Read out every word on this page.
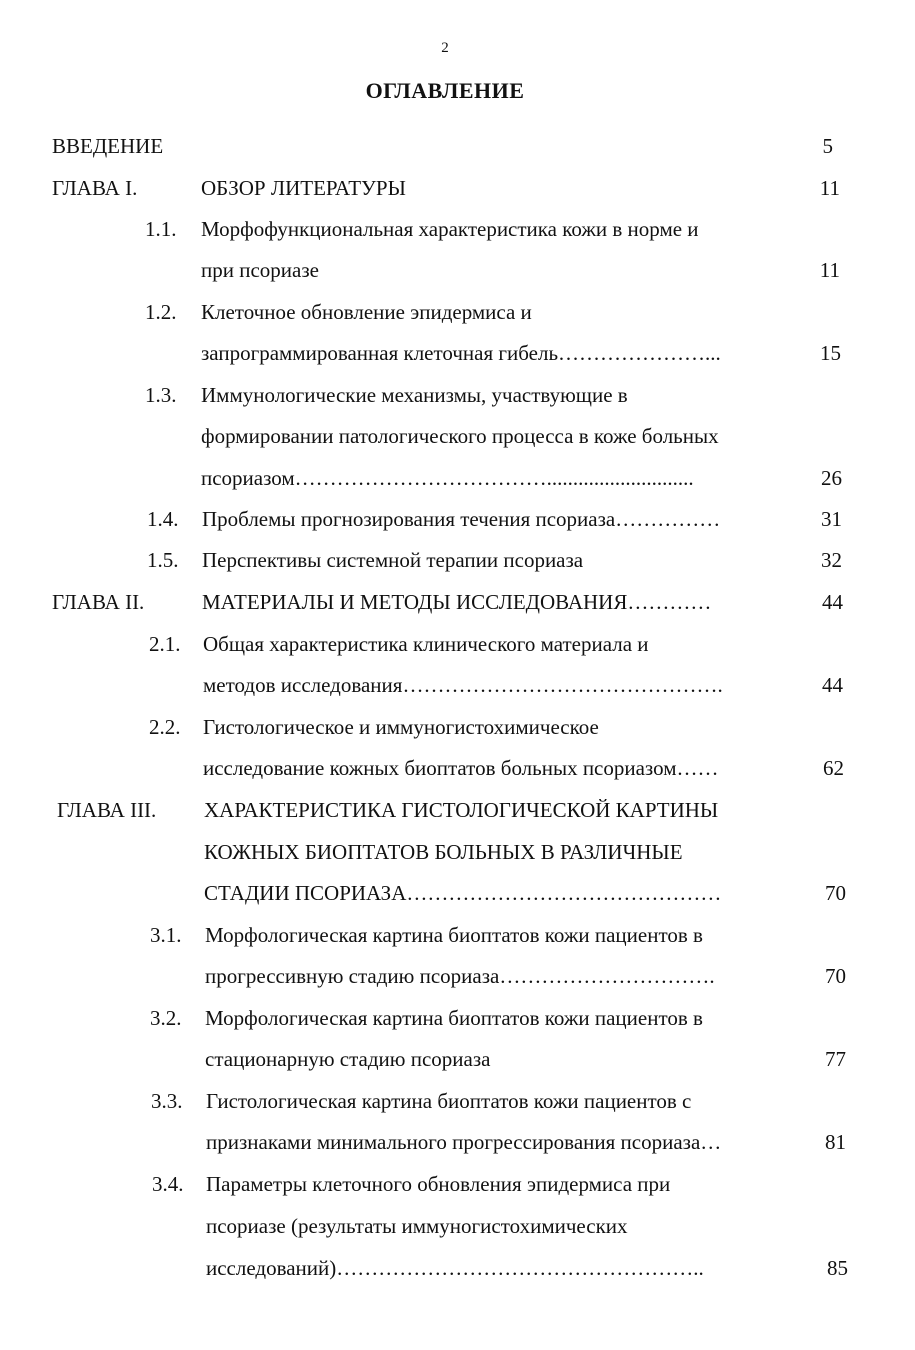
2
ОГЛАВЛЕНИЕ
ВВЕДЕНИЕ	5
ГЛАВА I.	ОБЗОР ЛИТЕРАТУРЫ	11
1.1. Морфофункциональная характеристика кожи в норме и
при псориазе	11
1.2. Клеточное обновление эпидермиса и
запрограммированная клеточная гибель…………………...	15
1.3. Иммунологические механизмы, участвующие в
формировании патологического процесса в коже больных
псориазом………………………………............................	26
1.4. Проблемы прогнозирования течения псориаза……………	31
1.5. Перспективы системной терапии псориаза	32
ГЛАВА II.	МАТЕРИАЛЫ И МЕТОДЫ ИССЛЕДОВАНИЯ…………	44
2.1. Общая характеристика клинического материала и
методов исследования……………………………………….	44
2.2. Гистологическое и иммуногистохимическое
исследование кожных биоптатов больных псориазом……	62
ГЛАВА III. ХАРАКТЕРИСТИКА ГИСТОЛОГИЧЕСКОЙ КАРТИНЫ
КОЖНЫХ БИОПТАТОВ БОЛЬНЫХ В РАЗЛИЧНЫЕ
СТАДИИ ПСОРИАЗА………………………………………	70
3.1. Морфологическая картина биоптатов кожи пациентов в
прогрессивную стадию псориаза………………………….	70
3.2. Морфологическая картина биоптатов кожи пациентов в
стационарную стадию псориаза	77
3.3. Гистологическая картина биоптатов кожи пациентов с
признаками минимального прогрессирования псориаза…	81
3.4. Параметры клеточного обновления эпидермиса при
псориазе (результаты иммуногистохимических
исследований)……………………………………………..	85
